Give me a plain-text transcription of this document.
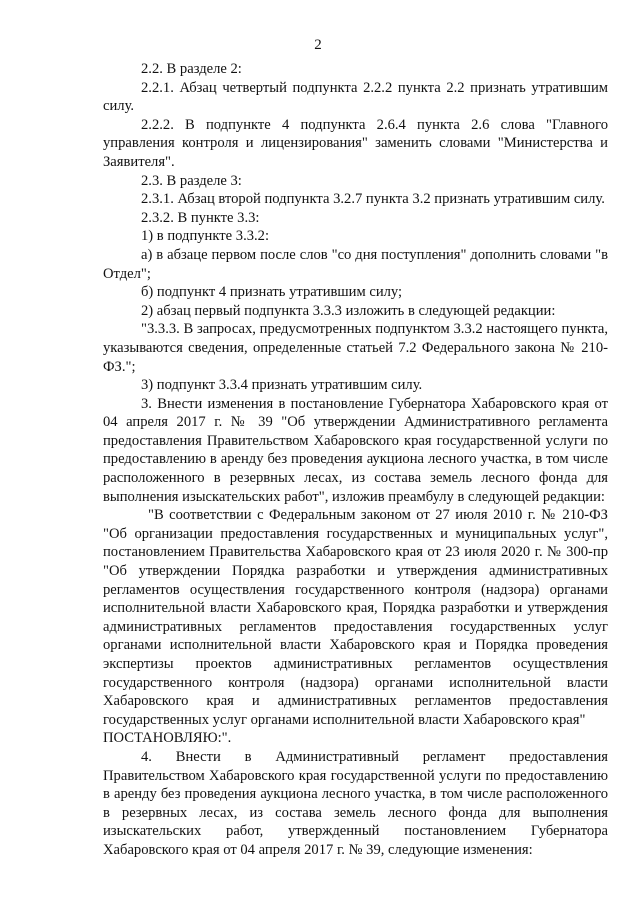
2

2.2. В разделе 2:

2.2.1. Абзац четвертый подпункта 2.2.2 пункта 2.2 признать утратившим силу.

2.2.2. В подпункте 4 подпункта 2.6.4 пункта 2.6 слова "Главного управления контроля и лицензирования" заменить словами "Министерства и Заявителя".

2.3. В разделе 3:

2.3.1. Абзац второй подпункта 3.2.7 пункта 3.2 признать утратившим силу.

2.3.2. В пункте 3.3:

1) в подпункте 3.3.2:

а) в абзаце первом после слов "со дня поступления" дополнить словами "в Отдел";

б) подпункт 4 признать утратившим силу;

2) абзац первый подпункта 3.3.3 изложить в следующей редакции:

"3.3.3. В запросах, предусмотренных подпунктом 3.3.2 настоящего пункта, указываются сведения, определенные статьей 7.2 Федерального закона № 210-ФЗ.";

3) подпункт 3.3.4 признать утратившим силу.

3. Внести изменения в постановление Губернатора Хабаровского края от 04 апреля 2017 г. № 39 "Об утверждении Административного регламента предоставления Правительством Хабаровского края государственной услуги по предоставлению в аренду без проведения аукциона лесного участка, в том числе расположенного в резервных лесах, из состава земель лесного фонда для выполнения изыскательских работ", изложив преамбулу в следующей редакции:

"В соответствии с Федеральным законом от 27 июля 2010 г. № 210-ФЗ "Об организации предоставления государственных и муниципальных услуг", постановлением Правительства Хабаровского края от 23 июля 2020 г. № 300-пр "Об утверждении Порядка разработки и утверждения административных регламентов осуществления государственного контроля (надзора) органами исполнительной власти Хабаровского края, Порядка разработки и утверждения административных регламентов предоставления государственных услуг органами исполнительной власти Хабаровского края и Порядка проведения экспертизы проектов административных регламентов осуществления государственного контроля (надзора) органами исполнительной власти Хабаровского края и административных регламентов предоставления государственных услуг органами исполнительной власти Хабаровского края"

ПОСТАНОВЛЯЮ:".

4. Внести в Административный регламент предоставления Правительством Хабаровского края государственной услуги по предоставлению в аренду без проведения аукциона лесного участка, в том числе расположенного в резервных лесах, из состава земель лесного фонда для выполнения изыскательских работ, утвержденный постановлением Губернатора Хабаровского края от 04 апреля 2017 г. № 39, следующие изменения:
